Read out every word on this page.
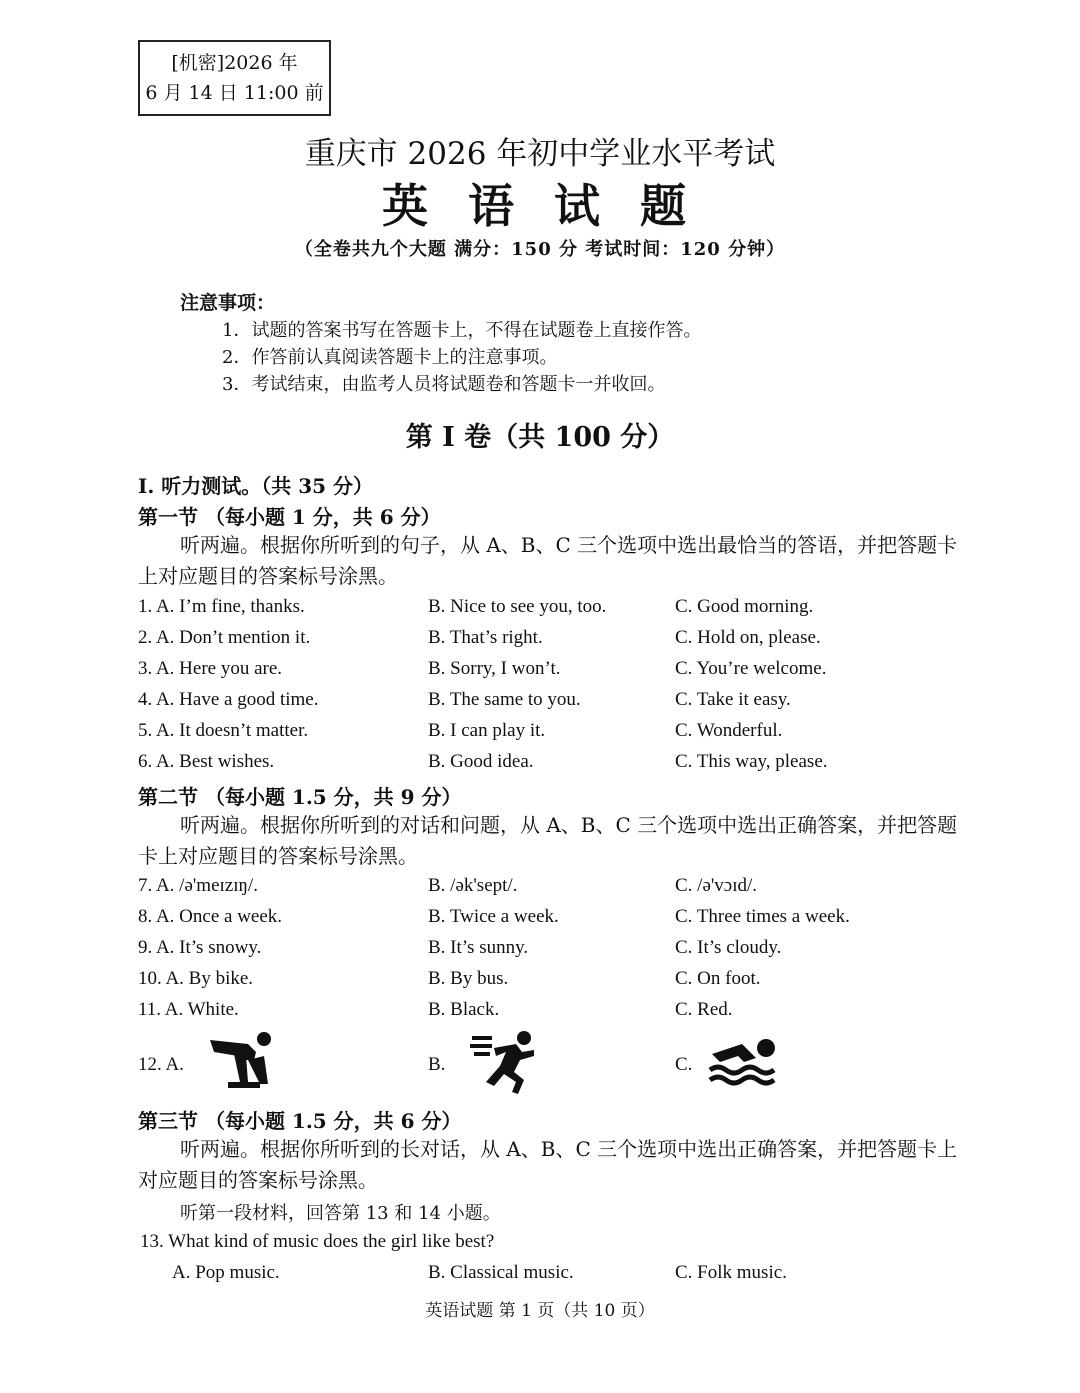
[机密]2026 年
6 月 14 日 11:00 前
重庆市 2026 年初中学业水平考试
英 语 试 题
（全卷共九个大题 满分：150 分 考试时间：120 分钟）
注意事项：
1．试题的答案书写在答题卡上，不得在试题卷上直接作答。
2．作答前认真阅读答题卡上的注意事项。
3．考试结束，由监考人员将试题卷和答题卡一并收回。
第 I 卷（共 100 分）
I. 听力测试。（共 35 分）
第一节 （每小题 1 分，共 6 分）
听两遍。根据你所听到的句子，从 A、B、C 三个选项中选出最恰当的答语，并把答题卡上对应题目的答案标号涂黑。
1. A. I’m fine, thanks.	B. Nice to see you, too.	C. Good morning.
2. A. Don’t mention it.	B. That’s right.	C. Hold on, please.
3. A. Here you are.	B. Sorry, I won’t.	C. You’re welcome.
4. A. Have a good time.	B. The same to you.	C. Take it easy.
5. A. It doesn’t matter.	B. I can play it.	C. Wonderful.
6. A. Best wishes.	B. Good idea.	C. This way, please.
第二节 （每小题 1.5 分，共 9 分）
听两遍。根据你所听到的对话和问题，从 A、B、C 三个选项中选出正确答案，并把答题卡上对应题目的答案标号涂黑。
7. A. /ə'meɪzɪŋ/.	B. /ək'sept/.	C. /ə'vɔɪd/.
8. A. Once a week.	B. Twice a week.	C. Three times a week.
9. A. It’s snowy.	B. It’s sunny.	C. It’s cloudy.
10. A. By bike.	B. By bus.	C. On foot.
11. A. White.	B. Black.	C. Red.
12. A.	B.	C.
第三节 （每小题 1.5 分，共 6 分）
听两遍。根据你所听到的长对话，从 A、B、C 三个选项中选出正确答案，并把答题卡上对应题目的答案标号涂黑。
听第一段材料，回答第 13 和 14 小题。
13. What kind of music does the girl like best?
A. Pop music.	B. Classical music.	C. Folk music.
英语试题 第 1 页（共 10 页）
